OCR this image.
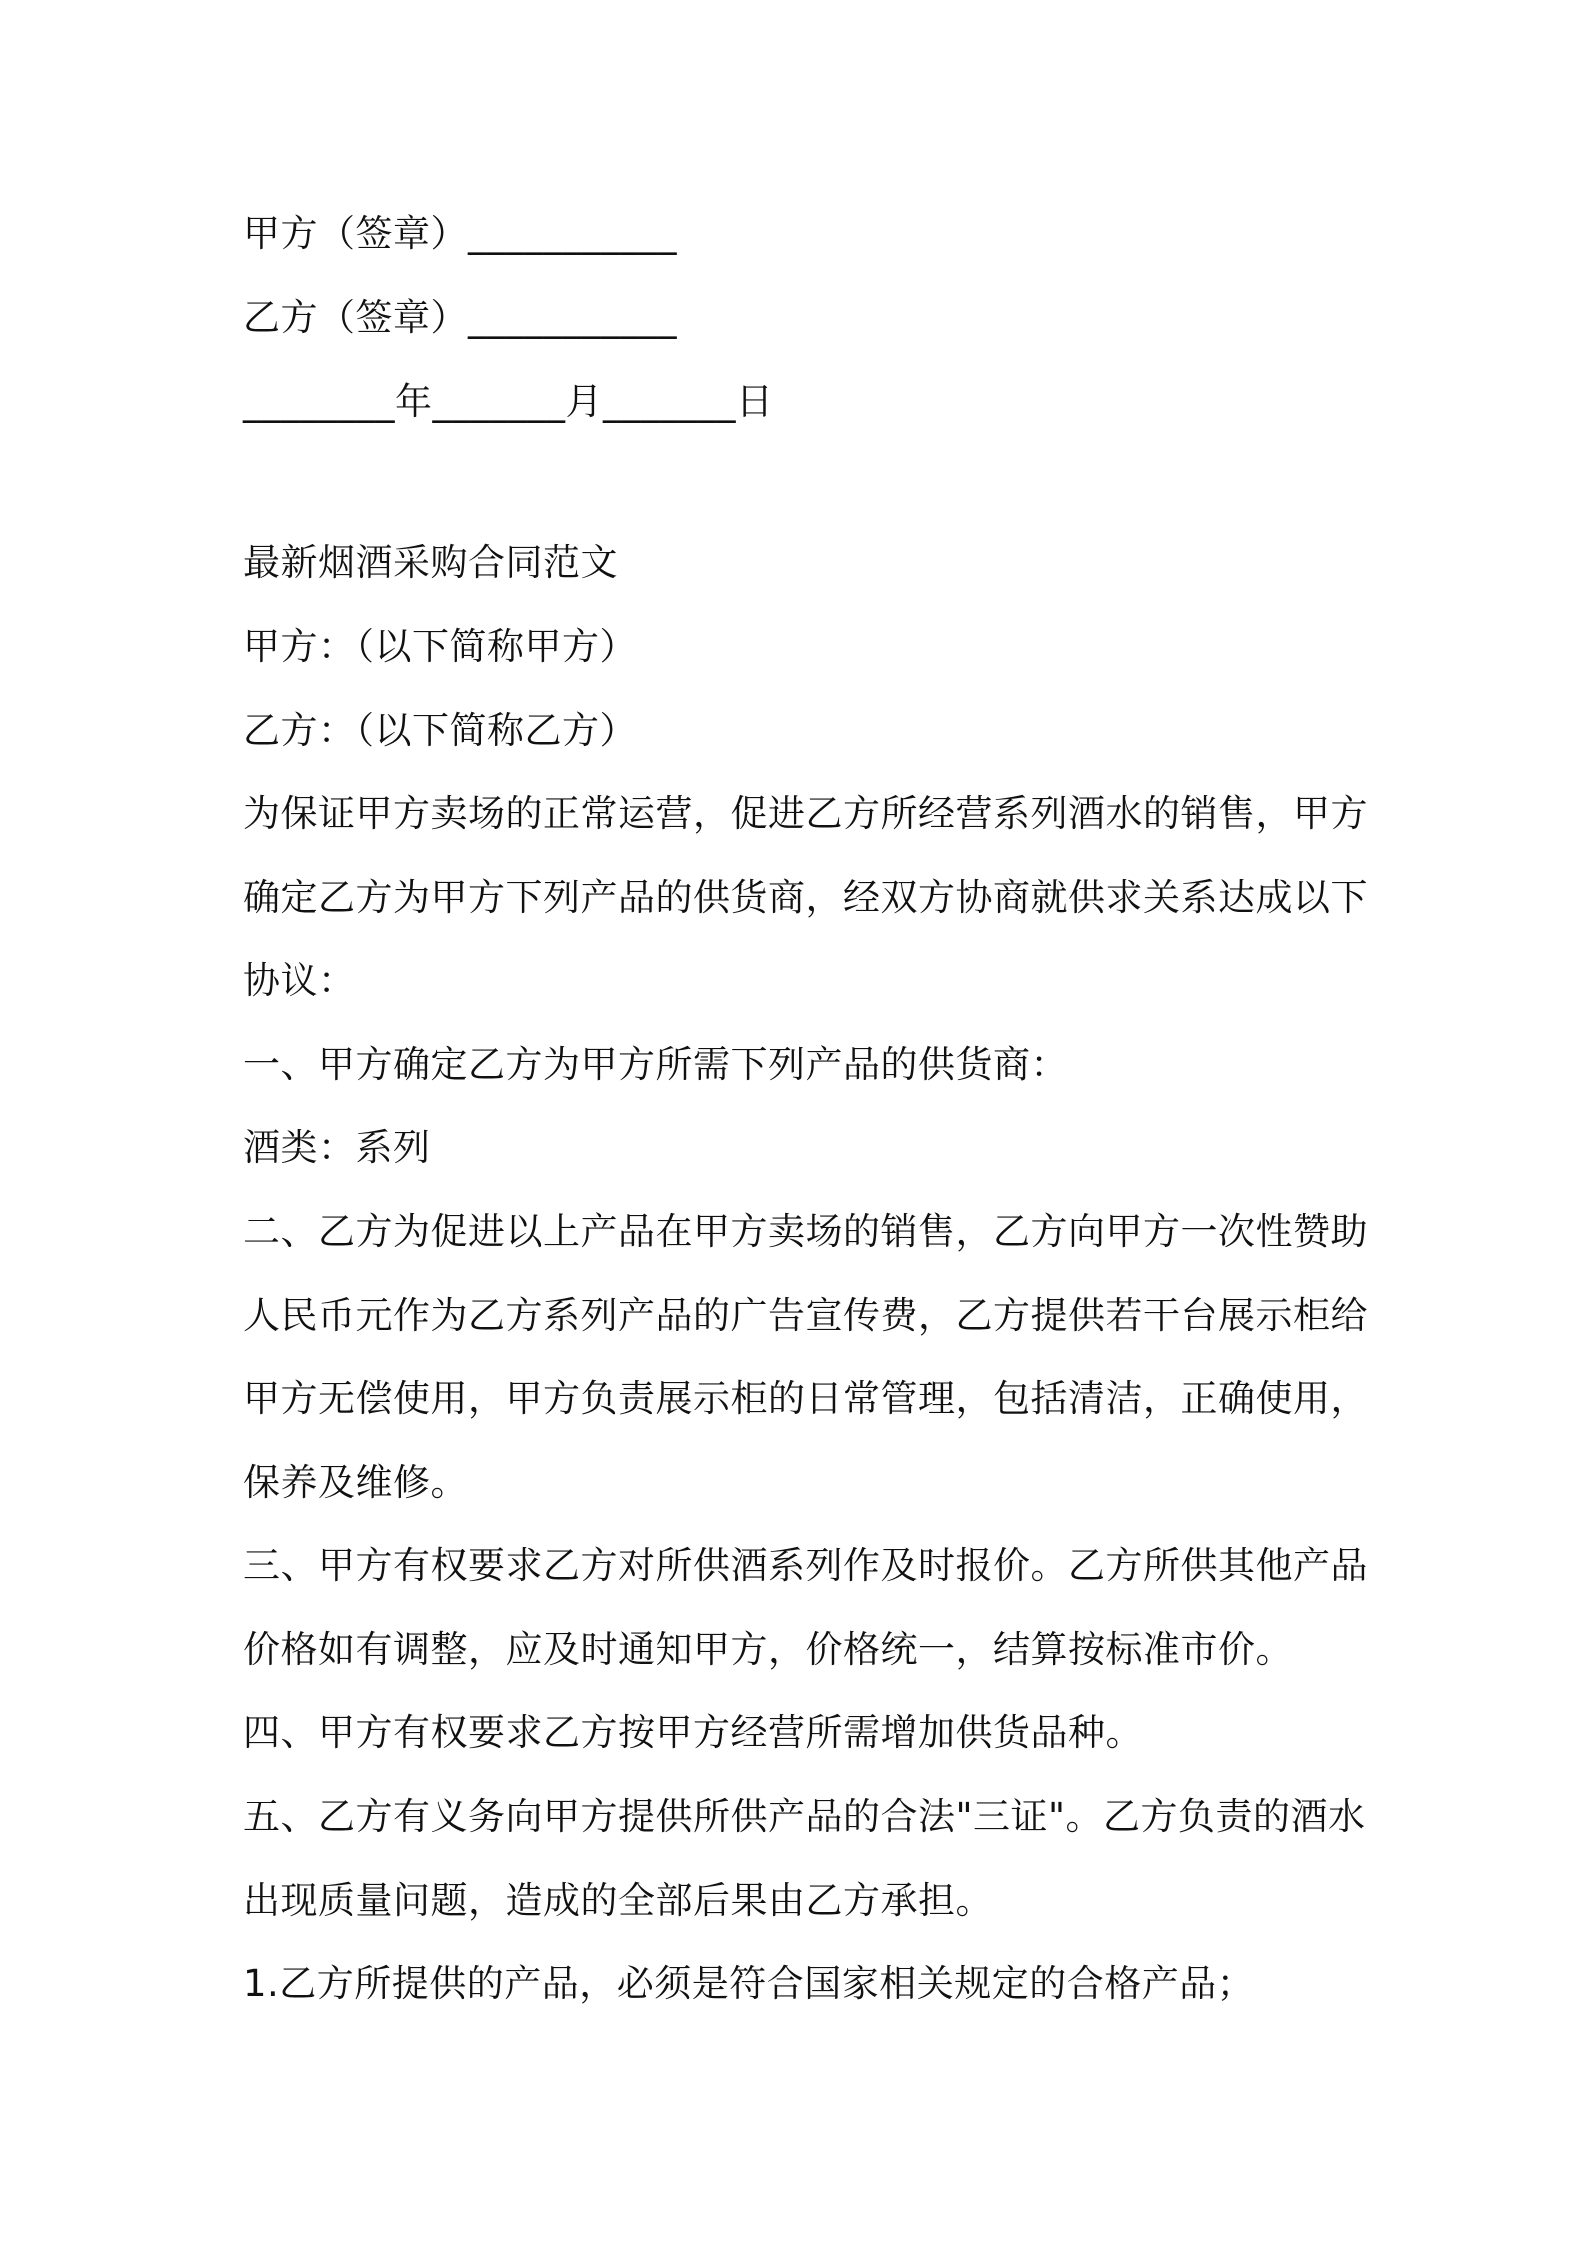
甲方（签章）___________
乙方（签章）___________
________年_______月_______日
最新烟酒采购合同范文
甲方：（以下简称甲方）
乙方：（以下简称乙方）
为保证甲方卖场的正常运营，促进乙方所经营系列酒水的销售，甲方
确定乙方为甲方下列产品的供货商，经双方协商就供求关系达成以下
协议：
一、甲方确定乙方为甲方所需下列产品的供货商：
酒类：系列
二、乙方为促进以上产品在甲方卖场的销售，乙方向甲方一次性赞助
人民币元作为乙方系列产品的广告宣传费，乙方提供若干台展示柜给
甲方无偿使用，甲方负责展示柜的日常管理，包括清洁，正确使用，
保养及维修。
三、甲方有权要求乙方对所供酒系列作及时报价。乙方所供其他产品
价格如有调整，应及时通知甲方，价格统一，结算按标准市价。
四、甲方有权要求乙方按甲方经营所需增加供货品种。
五、乙方有义务向甲方提供所供产品的合法"三证"。乙方负责的酒水
出现质量问题，造成的全部后果由乙方承担。
1.乙方所提供的产品，必须是符合国家相关规定的合格产品；
